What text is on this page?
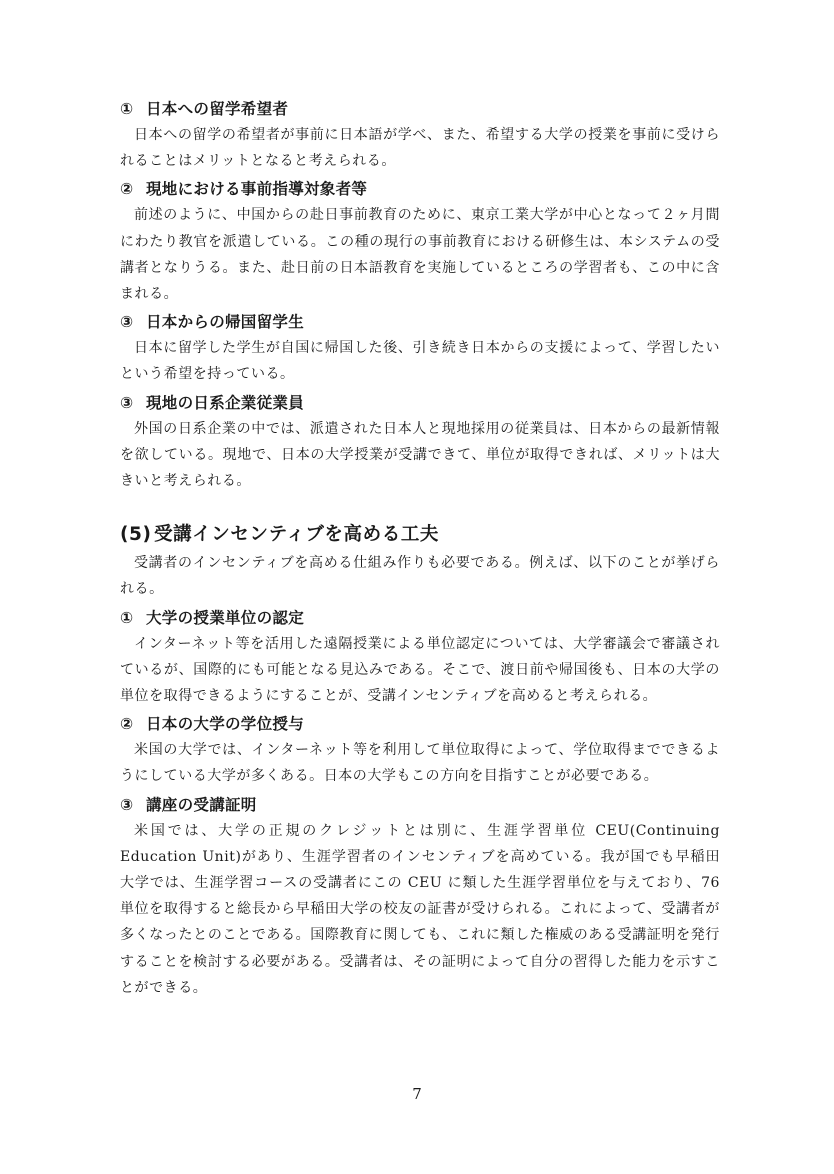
① 日本への留学希望者

日本への留学の希望者が事前に日本語が学べ、また、希望する大学の授業を事前に受けられることはメリットとなると考えられる。

② 現地における事前指導対象者等

前述のように、中国からの赴日事前教育のために、東京工業大学が中心となって２ヶ月間にわたり教官を派遣している。この種の現行の事前教育における研修生は、本システムの受講者となりうる。また、赴日前の日本語教育を実施しているところの学習者も、この中に含まれる。

③ 日本からの帰国留学生

日本に留学した学生が自国に帰国した後、引き続き日本からの支援によって、学習したいという希望を持っている。

③ 現地の日系企業従業員

外国の日系企業の中では、派遣された日本人と現地採用の従業員は、日本からの最新情報を欲している。現地で、日本の大学授業が受講できて、単位が取得できれば、メリットは大きいと考えられる。

(5) 受講インセンティブを高める工夫

受講者のインセンティブを高める仕組み作りも必要である。例えば、以下のことが挙げられる。

① 大学の授業単位の認定

インターネット等を活用した遠隔授業による単位認定については、大学審議会で審議されているが、国際的にも可能となる見込みである。そこで、渡日前や帰国後も、日本の大学の単位を取得できるようにすることが、受講インセンティブを高めると考えられる。

② 日本の大学の学位授与

米国の大学では、インターネット等を利用して単位取得によって、学位取得までできるようにしている大学が多くある。日本の大学もこの方向を目指すことが必要である。

③ 講座の受講証明

米国では、大学の正規のクレジットとは別に、生涯学習単位 CEU(Continuing Education Unit)があり、生涯学習者のインセンティブを高めている。我が国でも早稲田大学では、生涯学習コースの受講者にこの CEU に類した生涯学習単位を与えており、76 単位を取得すると総長から早稲田大学の校友の証書が受けられる。これによって、受講者が多くなったとのことである。国際教育に関しても、これに類した権威のある受講証明を発行することを検討する必要がある。受講者は、その証明によって自分の習得した能力を示すことができる。

7
